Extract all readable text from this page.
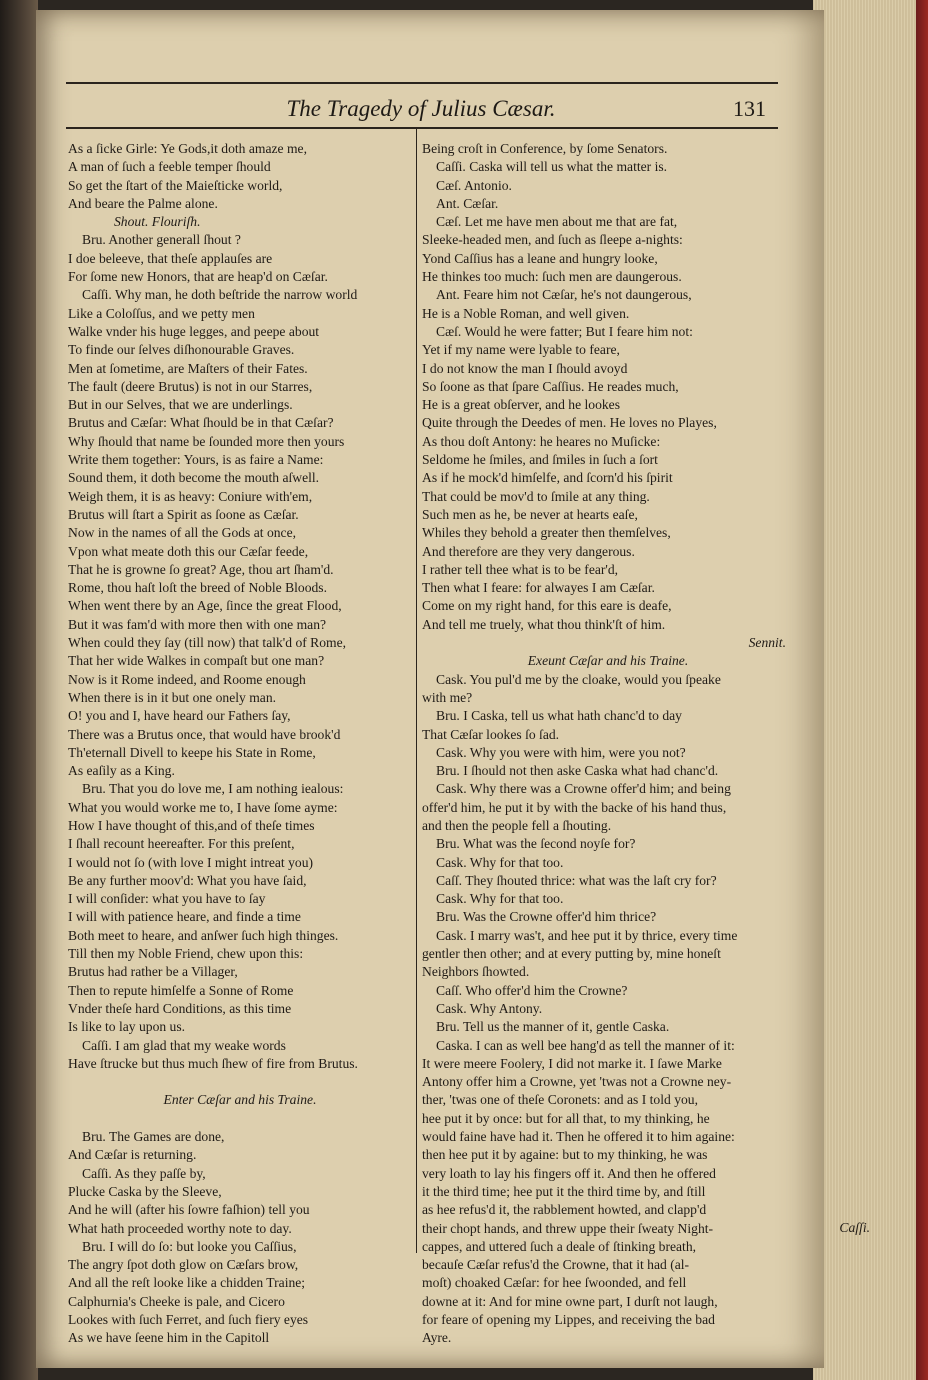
The Tragedy of Julius Cæsar.	131
As a ſicke Girle: Ye Gods,it doth amaze me,
A man of ſuch a feeble temper ſhould
So get the ſtart of the Maieſticke world,
And beare the Palme alone.
Shout. Flouriſh.
Bru. Another generall ſhout ?
I doe beleeve, that theſe applauſes are
For ſome new Honors, that are heap'd on Cæſar.
Caſſi. Why man, he doth beſtride the narrow world
Like a Coloſſus, and we petty men
Walke vnder his huge legges, and peepe about
To finde our ſelves diſhonourable Graves.
Men at ſometime, are Maſters of their Fates.
The fault (deere Brutus) is not in our Starres,
But in our Selves, that we are underlings.
Brutus and Cæſar: What ſhould be in that Cæſar?
Why ſhould that name be ſounded more then yours
Write them together: Yours, is as faire a Name:
Sound them, it doth become the mouth aſwell.
Weigh them, it is as heavy: Coniure with'em,
Brutus will ſtart a Spirit as ſoone as Cæſar.
Now in the names of all the Gods at once,
Vpon what meate doth this our Cæſar feede,
That he is growne ſo great? Age, thou art ſham'd.
Rome, thou haſt loſt the breed of Noble Bloods.
When went there by an Age, ſince the great Flood,
But it was fam'd with more then with one man?
When could they ſay (till now) that talk'd of Rome,
That her wide Walkes in compaſt but one man?
Now is it Rome indeed, and Roome enough
When there is in it but one onely man.
O! you and I, have heard our Fathers ſay,
There was a Brutus once, that would have brook'd
Th'eternall Divell to keepe his State in Rome,
As eaſily as a King.
Bru. That you do love me, I am nothing iealous:
What you would worke me to, I have ſome ayme:
How I have thought of this,and of theſe times
I ſhall recount heereafter. For this preſent,
I would not ſo (with love I might intreat you)
Be any further moov'd: What you have ſaid,
I will conſider: what you have to ſay
I will with patience heare, and finde a time
Both meet to heare, and anſwer ſuch high thinges.
Till then my Noble Friend, chew upon this:
Brutus had rather be a Villager,
Then to repute himſelfe a Sonne of Rome
Vnder theſe hard Conditions, as this time
Is like to lay upon us.
Caſſi. I am glad that my weake words
Have ſtrucke but thus much ſhew of fire from Brutus.
Enter Cæſar and his Traine.
Bru. The Games are done,
And Cæſar is returning.
Caſſi. As they paſſe by,
Plucke Caska by the Sleeve,
And he will (after his ſowre faſhion) tell you
What hath proceeded worthy note to day.
Bru. I will do ſo: but looke you Caſſius,
The angry ſpot doth glow on Cæſars brow,
And all the reſt looke like a chidden Traine;
Calphurnia's Cheeke is pale, and Cicero
Lookes with ſuch Ferret, and ſuch fiery eyes
As we have ſeene him in the Capitoll
Being croſt in Conference, by ſome Senators.
Caſſi. Caska will tell us what the matter is.
Cæſ. Antonio.
Ant. Cæſar.
Cæſ. Let me have men about me that are fat,
Sleeke-headed men, and ſuch as ſleepe a-nights:
Yond Caſſius has a leane and hungry looke,
He thinkes too much: ſuch men are daungerous.
Ant. Feare him not Cæſar, he's not daungerous,
He is a Noble Roman, and well given.
Cæſ. Would he were fatter; But I feare him not:
Yet if my name were lyable to feare,
I do not know the man I ſhould avoyd
So ſoone as that ſpare Caſſius. He reades much,
He is a great obſerver, and he lookes
Quite through the Deedes of men. He loves no Playes,
As thou doſt Antony: he heares no Muſicke:
Seldome he ſmiles, and ſmiles in ſuch a ſort
As if he mock'd himſelfe, and ſcorn'd his ſpirit
That could be mov'd to ſmile at any thing.
Such men as he, be never at hearts eaſe,
Whiles they behold a greater then themſelves,
And therefore are they very dangerous.
I rather tell thee what is to be fear'd,
Then what I feare: for alwayes I am Cæſar.
Come on my right hand, for this eare is deafe,
And tell me truely, what thou think'ſt of him.
Sennit.
Exeunt Cæſar and his Traine.
Cask. You pul'd me by the cloake, would you ſpeake
with me?
Bru. I Caska, tell us what hath chanc'd to day
That Cæſar lookes ſo ſad.
Cask. Why you were with him, were you not?
Bru. I ſhould not then aske Caska what had chanc'd.
Cask. Why there was a Crowne offer'd him; and being
offer'd him, he put it by with the backe of his hand thus,
and then the people fell a ſhouting.
Bru. What was the ſecond noyſe for?
Cask. Why for that too.
Caſſ. They ſhouted thrice: what was the laſt cry for?
Cask. Why for that too.
Bru. Was the Crowne offer'd him thrice?
Cask. I marry was't, and hee put it by thrice, every time
gentler then other; and at every putting by, mine honeſt
Neighbors ſhowted.
Caſſ. Who offer'd him the Crowne?
Cask. Why Antony.
Bru. Tell us the manner of it, gentle Caska.
Caska. I can as well bee hang'd as tell the manner of it:
It were meere Foolery, I did not marke it. I ſawe Marke
Antony offer him a Crowne, yet 'twas not a Crowne ney-
ther, 'twas one of theſe Coronets: and as I told you,
hee put it by once: but for all that, to my thinking, he
would faine have had it. Then he offered it to him againe:
then hee put it by againe: but to my thinking, he was
very loath to lay his fingers off it. And then he offered
it the third time; hee put it the third time by, and ſtill
as hee refus'd it, the rabblement howted, and clapp'd
their chopt hands, and threw uppe their ſweaty Night-
cappes, and uttered ſuch a deale of ſtinking breath,
becauſe Cæſar refus'd the Crowne, that it had (al-
moſt) choaked Cæſar: for hee ſwoonded, and fell
downe at it: And for mine owne part, I durſt not laugh,
for feare of opening my Lippes, and receiving the bad
Ayre.
Caſſi.
